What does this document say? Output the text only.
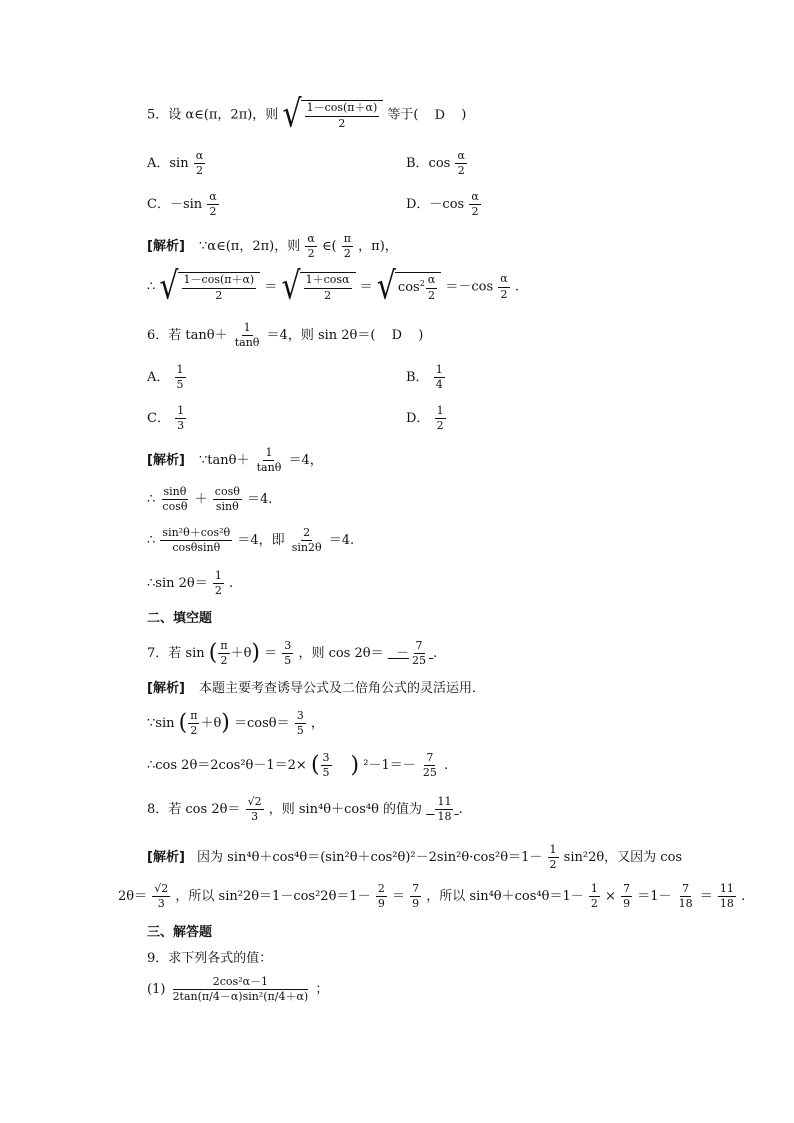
5．设 α∈(π，2π)，则 √ $\frac{1-\cos(\pi+\alpha)}{2}$ 等于( D )
A．$\sin \frac{\alpha}{2}$	B．$\cos \frac{\alpha}{2}$
C．$-\sin \frac{\alpha}{2}$	D．$-\cos \frac{\alpha}{2}$
[解析] ∵α∈(π，2π)，则 $\frac{\alpha}{2}$ ∈( $\frac{\pi}{2}$ ，π)，
∴ √ $\frac{1-\cos(\pi+\alpha)}{2}$ ＝ √ $\frac{1+\cos\alpha}{2}$ ＝ √ $\cos^2 \frac{\alpha}{2} =-\cos \frac{\alpha}{2}$ .
6．若 $\tan\theta+ \frac{1}{\tan\theta} =4$，则 sin 2θ＝( D )
A． $\frac{1}{5}$	B． $\frac{1}{4}$
C． $\frac{1}{3}$	D． $\frac{1}{2}$
[解析] ∵tanθ＋ $\frac{1}{\tan\theta} =4$，
∴ $\frac{\sin\theta}{\cos\theta} + \frac{\cos\theta}{\sin\theta} =4$.
∴ $\frac{\text{sin²θ＋cos²θ}}{\cos\theta\sin\theta} =4$，即 $\frac{2}{\sin 2\theta} =4$.
∴sin $2\theta= \frac{1}{2}$ .
二、填空题
7．若 sin ( $\frac{\pi}{2} +\theta) = \frac{3}{5}$ ，则 $\cos 2\theta= - \frac{7}{25}$ .
[解析] 本题主要考查诱导公式及二倍角公式的灵活运用．
∵sin ( $\frac{\pi}{2} +\theta) =\cos\theta= \frac{3}{5}$ ，
∴cos 2θ＝2cos²θ－1＝2× ( $\frac{3}{5}$ ) $^2-1=- \frac{7}{25}$ .
8．若 $\cos 2\theta= \frac{√2}{3}$ ，则 sin⁴θ＋cos⁴θ 的值为 $\frac{11}{18}$ .
[解析] 因为 $\sin^4\theta+\cos^4\theta=(\sin^2\theta+\cos^2\theta)^2-2\sin^2\theta\cdot\cos^2\theta=1- \frac{1}{2} \sin^22\theta$，又因为 cos
$2\theta= \frac{√2}{3}$ ，所以 $\sin^22\theta=1-\cos^22\theta=1- \frac{2}{9} = \frac{7}{9}$ ，所以 $\sin^4\theta+\cos^4\theta=1- \frac{1}{2} \times \frac{7}{9} =1- \frac{7}{18} = \frac{11}{18}$ .
三、解答题
9．求下列各式的值：
$(1) \frac{\text{2cos²α－1}}{\text{2tan(π/4－α)sin²(π/4＋α)}}$ ；
